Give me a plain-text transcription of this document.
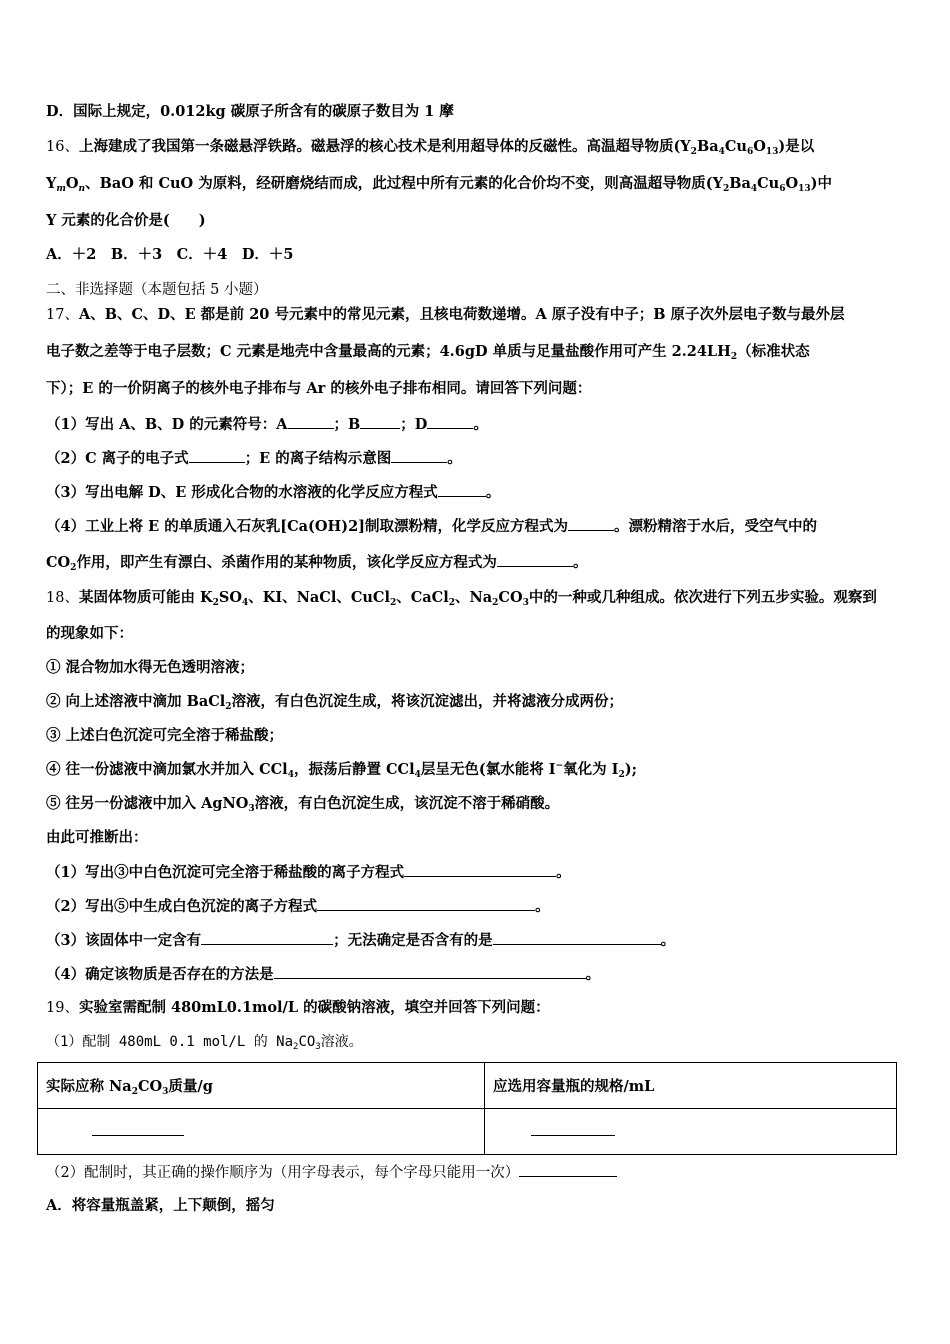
D．国际上规定，0.012kg 碳原子所含有的碳原子数目为 1 摩
16、上海建成了我国第一条磁悬浮铁路。磁悬浮的核心技术是利用超导体的反磁性。高温超导物质$(Y_2Ba_4Cu_6O_{13})$是以
$Y_mO_n$、BaO 和 CuO 为原料，经研磨烧结而成，此过程中所有元素的化合价均不变，则高温超导物质$(Y_2Ba_4Cu_6O_{13})$中
Y 元素的化合价是(　　)
A．＋2　B．＋3　C．＋4　D．＋5
二、非选择题（本题包括 5 小题）
17、A、B、C、D、E 都是前 20 号元素中的常见元素，且核电荷数递增。A 原子没有中子；B 原子次外层电子数与最外层
电子数之差等于电子层数；C 元素是地壳中含量最高的元素；4.6gD 单质与足量盐酸作用可产生 $2.24LH_2$（标准状态
下）；E 的一价阴离子的核外电子排布与 Ar 的核外电子排布相同。请回答下列问题：
（1）写出 A、B、D 的元素符号：A	；B	；D	。
（2）C 离子的电子式	；E 的离子结构示意图	。
（3）写出电解 D、E 形成化合物的水溶液的化学反应方程式	。
（4）工业上将 E 的单质通入石灰乳[Ca(OH)2]制取漂粉精，化学反应方程式为	。漂粉精溶于水后，受空气中的
$CO_2$作用，即产生有漂白、杀菌作用的某种物质，该化学反应方程式为	。
18、某固体物质可能由 $K_2SO_4$、KI、NaCl、CuCl$_2$、CaCl$_2$、$Na_2CO_3$中的一种或几种组成。依次进行下列五步实验。观察到
的现象如下：
① 混合物加水得无色透明溶液；
② 向上述溶液中滴加 BaCl$_2$溶液，有白色沉淀生成，将该沉淀滤出，并将滤液分成两份；
③ 上述白色沉淀可完全溶于稀盐酸；
④ 往一份滤液中滴加氯水并加入 CCl$_4$，振荡后静置 CCl$_4$层呈无色(氯水能将 I−氧化为 $I_2$);
⑤ 往另一份滤液中加入 AgNO$_3$溶液，有白色沉淀生成，该沉淀不溶于稀硝酸。
由此可推断出：
（1）写出③中白色沉淀可完全溶于稀盐酸的离子方程式	。
（2）写出⑤中生成白色沉淀的离子方程式	。
（3）该固体中一定含有	；无法确定是否含有的是	。
（4）确定该物质是否存在的方法是	。
19、实验室需配制 480mL0.1mol/L 的碳酸钠溶液，填空并回答下列问题：
（1）配制 480mL 0.1 mol/L 的 $Na_2CO_3$溶液。
实际应称 $Na_2CO_3$质量/g	应选用容量瓶的规格/mL

（2）配制时，其正确的操作顺序为（用字母表示，每个字母只能用一次）
A．将容量瓶盖紧，上下颠倒，摇匀
